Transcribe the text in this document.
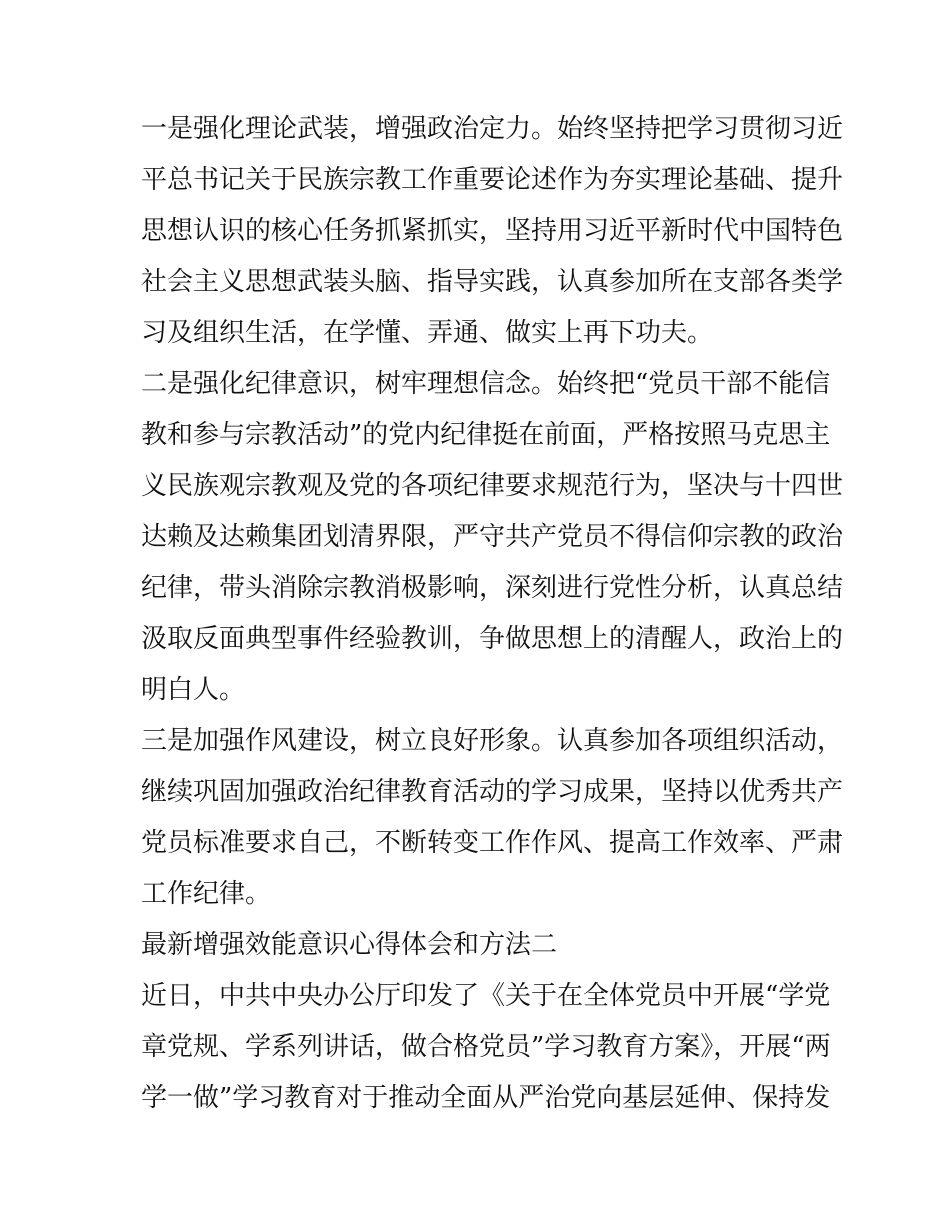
一是强化理论武装，增强政治定力。始终坚持把学习贯彻习近
平总书记关于民族宗教工作重要论述作为夯实理论基础、提升
思想认识的核心任务抓紧抓实，坚持用习近平新时代中国特色
社会主义思想武装头脑、指导实践，认真参加所在支部各类学
习及组织生活，在学懂、弄通、做实上再下功夫。
二是强化纪律意识，树牢理想信念。始终把“党员干部不能信
教和参与宗教活动”的党内纪律挺在前面，严格按照马克思主
义民族观宗教观及党的各项纪律要求规范行为，坚决与十四世
达赖及达赖集团划清界限，严守共产党员不得信仰宗教的政治
纪律，带头消除宗教消极影响，深刻进行党性分析，认真总结
汲取反面典型事件经验教训，争做思想上的清醒人，政治上的
明白人。
三是加强作风建设，树立良好形象。认真参加各项组织活动，
继续巩固加强政治纪律教育活动的学习成果，坚持以优秀共产
党员标准要求自己，不断转变工作作风、提高工作效率、严肃
工作纪律。
最新增强效能意识心得体会和方法二
近日，中共中央办公厅印发了《关于在全体党员中开展“学党
章党规、学系列讲话，做合格党员”学习教育方案》，开展“两
学一做”学习教育对于推动全面从严治党向基层延伸、保持发
